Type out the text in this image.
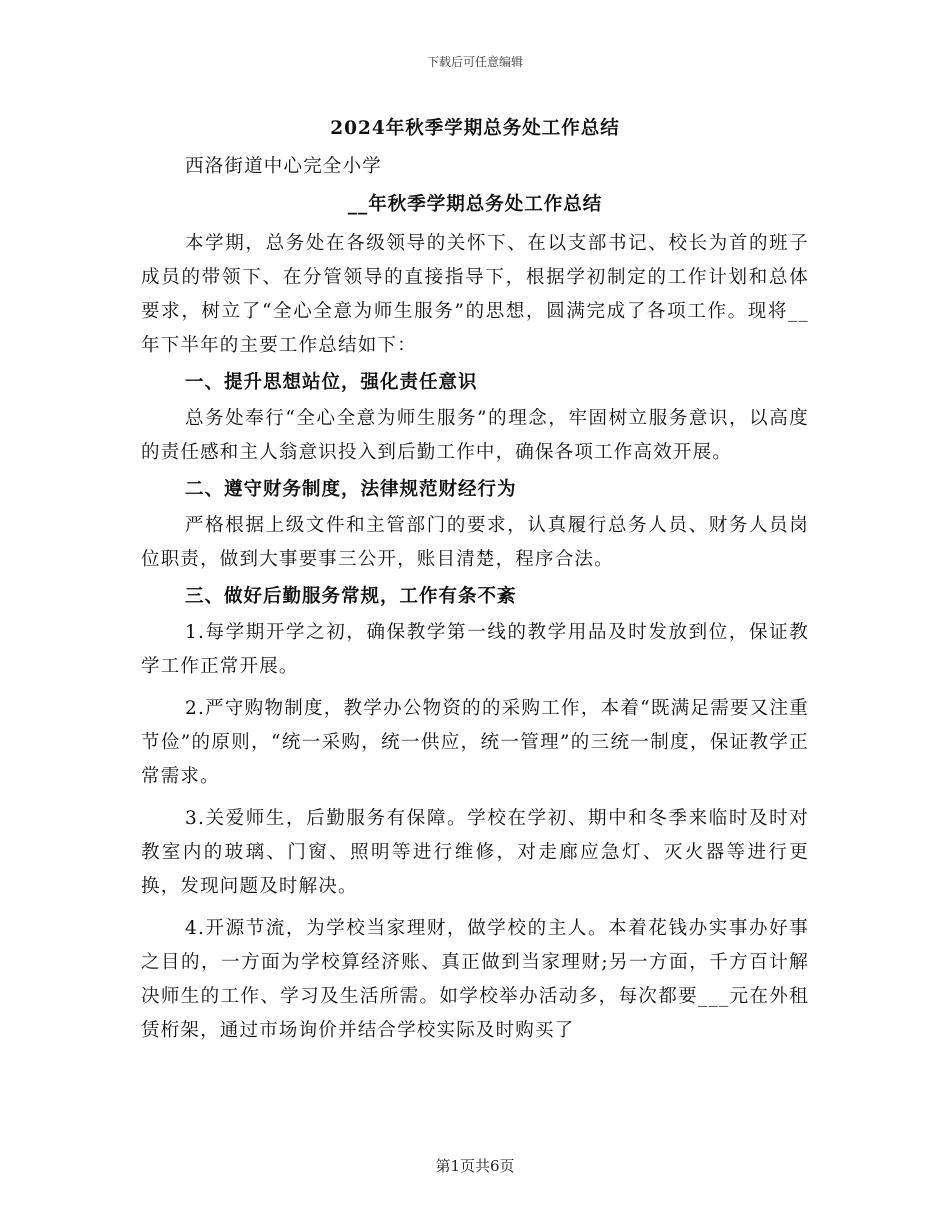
下载后可任意编辑

2024年秋季学期总务处工作总结

西洛街道中心完全小学

__年秋季学期总务处工作总结

本学期，总务处在各级领导的关怀下、在以支部书记、校长为首的班子成员的带领下、在分管领导的直接指导下，根据学初制定的工作计划和总体要求，树立了“全心全意为师生服务”的思想，圆满完成了各项工作。现将__年下半年的主要工作总结如下：

一、提升思想站位，强化责任意识

总务处奉行“全心全意为师生服务”的理念，牢固树立服务意识，以高度的责任感和主人翁意识投入到后勤工作中，确保各项工作高效开展。

二、遵守财务制度，法律规范财经行为

严格根据上级文件和主管部门的要求，认真履行总务人员、财务人员岗位职责，做到大事要事三公开，账目清楚，程序合法。

三、做好后勤服务常规，工作有条不紊

1.每学期开学之初，确保教学第一线的教学用品及时发放到位，保证教学工作正常开展。

2.严守购物制度，教学办公物资的的采购工作，本着“既满足需要又注重节俭”的原则，“统一采购，统一供应，统一管理”的三统一制度，保证教学正常需求。

3.关爱师生，后勤服务有保障。学校在学初、期中和冬季来临时及时对教室内的玻璃、门窗、照明等进行维修，对走廊应急灯、灭火器等进行更换，发现问题及时解决。

4.开源节流，为学校当家理财，做学校的主人。本着花钱办实事办好事之目的，一方面为学校算经济账、真正做到当家理财;另一方面，千方百计解决师生的工作、学习及生活所需。如学校举办活动多，每次都要___元在外租赁桁架，通过市场询价并结合学校实际及时购买了

第1页共6页
